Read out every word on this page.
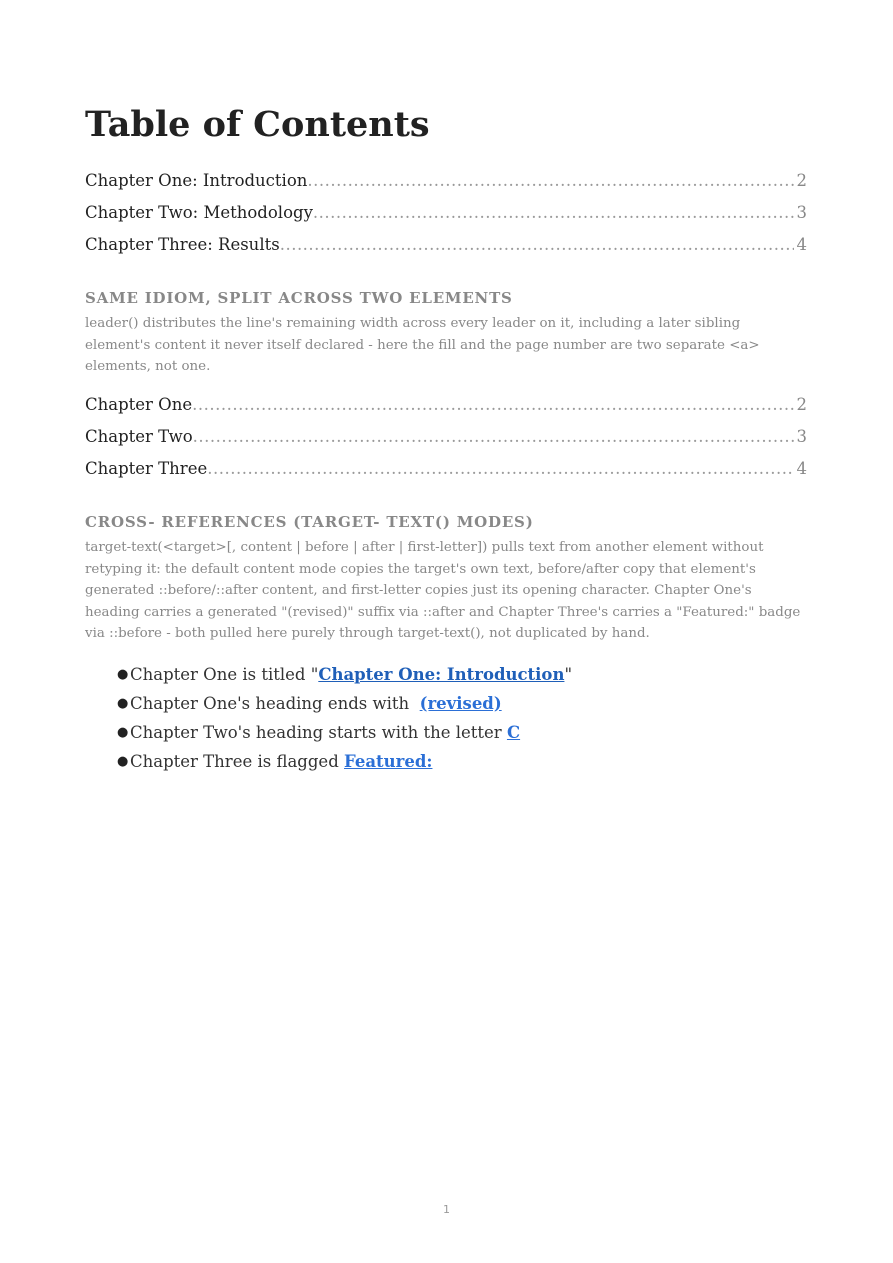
Table of Contents
Chapter One: Introduction .....	2
Chapter Two: Methodology .....	3
Chapter Three: Results .....	4
SAME IDIOM, SPLIT ACROSS TWO ELEMENTS

leader() distributes the line's remaining width across every leader on it, including a later sibling element's content it never itself declared - here the fill and the page number are two separate <a> elements, not one.

Chapter One .....	2
Chapter Two .....	3
Chapter Three .....	4
CROSS- REFERENCES (TARGET- TEXT() MODES)

target-text(<target>[, content | before | after | first-letter]) pulls text from another element without retyping it: the default content mode copies the target's own text, before/after copy that element's generated ::before/::after content, and first-letter copies just its opening character. Chapter One's heading carries a generated "(revised)" suffix via ::after and Chapter Three's carries a "Featured:" badge via ::before - both pulled here purely through target-text(), not duplicated by hand.

● Chapter One is titled "Chapter One: Introduction"
● Chapter One's heading ends with  (revised)
● Chapter Two's heading starts with the letter C
● Chapter Three is flagged Featured:
1
